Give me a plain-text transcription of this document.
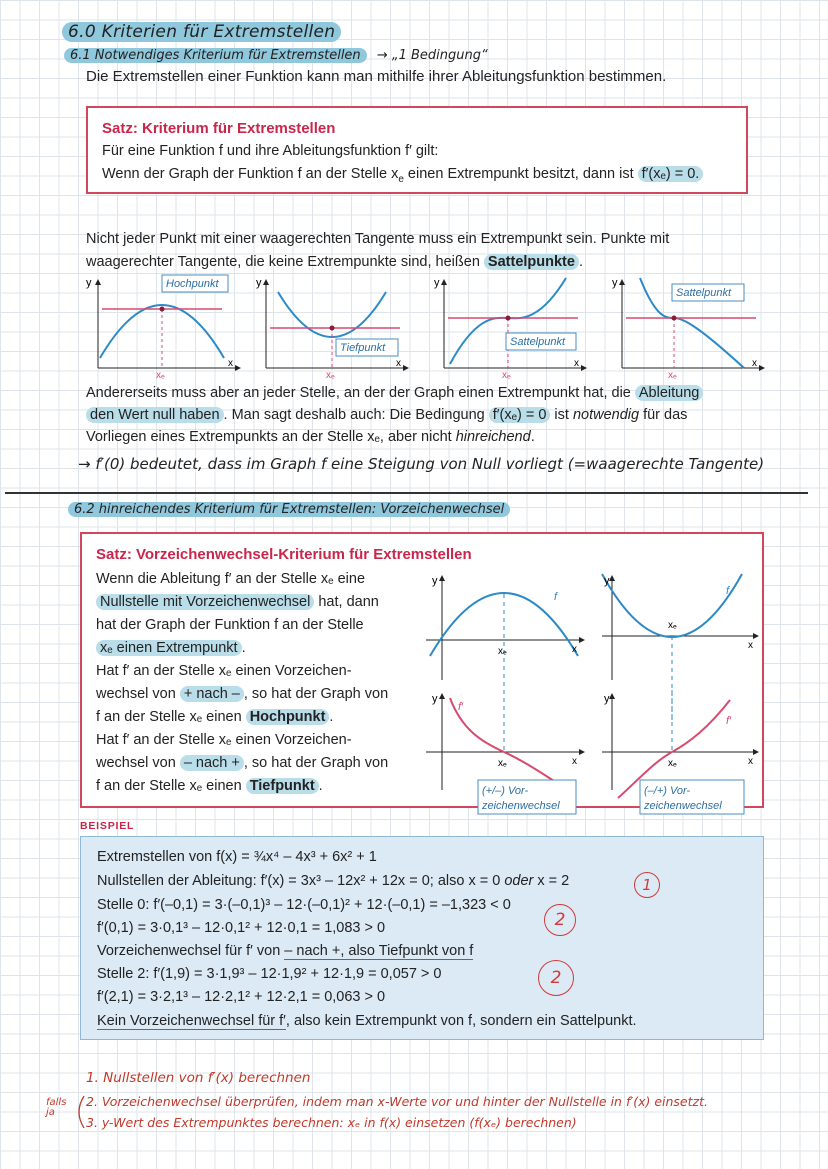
6.0 Kriterien für Extremstellen
6.1 Notwendiges Kriterium für Extremstellen → „1 Bedingung“
Die Extremstellen einer Funktion kann man mithilfe ihrer Ableitungsfunktion bestimmen.
Satz: Kriterium für Extremstellen
Für eine Funktion f und ihre Ableitungsfunktion f′ gilt:
Wenn der Graph der Funktion f an der Stelle $x_e$ einen Extrempunkt besitzt, dann ist f′(xₑ) = 0.
Nicht jeder Punkt mit einer waagerechten Tangente muss ein Extrempunkt sein. Punkte mit waagerechter Tangente, die keine Extrempunkte sind, heißen Sattelpunkte .
Hochpunkt
y
x
xₑ
Tiefpunkt
y
x
xₑ
Sattelpunkt
y
x
xₑ
Sattelpunkt
y
x
xₑ
Andererseits muss aber an jeder Stelle, an der der Graph einen Extrempunkt hat, die Ableitung
den Wert null haben . Man sagt deshalb auch: Die Bedingung f′(xₑ) = 0 ist notwendig für das
Vorliegen eines Extrempunkts an der Stelle xₑ, aber nicht hinreichend.
→ f′(0) bedeutet, dass im Graph f eine Steigung von Null vorliegt (=waagerechte Tangente)
6.2 hinreichendes Kriterium für Extremstellen: Vorzeichenwechsel
Satz: Vorzeichenwechsel-Kriterium für Extremstellen
Wenn die Ableitung f′ an der Stelle xₑ eine
Nullstelle mit Vorzeichenwechsel hat, dann
hat der Graph der Funktion f an der Stelle
xₑ einen Extrempunkt .
Hat f′ an der Stelle xₑ einen Vorzeichen-
wechsel von + nach – , so hat der Graph von
f an der Stelle xₑ einen Hochpunkt .
Hat f′ an der Stelle xₑ einen Vorzeichen-
wechsel von – nach + , so hat der Graph von
f an der Stelle xₑ einen Tiefpunkt .
f
y
x
xₑ
f
y
x
xₑ
f′
y
x
xₑ
(+/–) Vor-
zeichenwechsel
f′
y
x
xₑ
(–/+) Vor-
zeichenwechsel
BEISPIEL
Extremstellen von f(x) = ¾x⁴ – 4x³ + 6x² + 1
Nullstellen der Ableitung: f′(x) = 3x³ – 12x² + 12x = 0; also x = 0 oder x = 2
Stelle 0: f′(–0,1) = 3·(–0,1)³ – 12·(–0,1)² + 12·(–0,1) = –1,323 < 0
f′(0,1) = 3·0,1³ – 12·0,1² + 12·0,1 = 1,083 > 0
Vorzeichenwechsel für f′ von – nach +, also Tiefpunkt von f
Stelle 2: f′(1,9) = 3·1,9³ – 12·1,9² + 12·1,9 = 0,057 > 0
f′(2,1) = 3·2,1³ – 12·2,1² + 12·2,1 = 0,063 > 0
Kein Vorzeichenwechsel für f′, also kein Extrempunkt von f, sondern ein Sattelpunkt.
1
2
2
1. Nullstellen von f′(x) berechnen
2. Vorzeichenwechsel überprüfen, indem man x-Werte vor und hinter der Nullstelle in f′(x) einsetzt.
3. y-Wert des Extrempunktes berechnen: xₑ in f(x) einsetzen (f(xₑ) berechnen)
falls
ja
